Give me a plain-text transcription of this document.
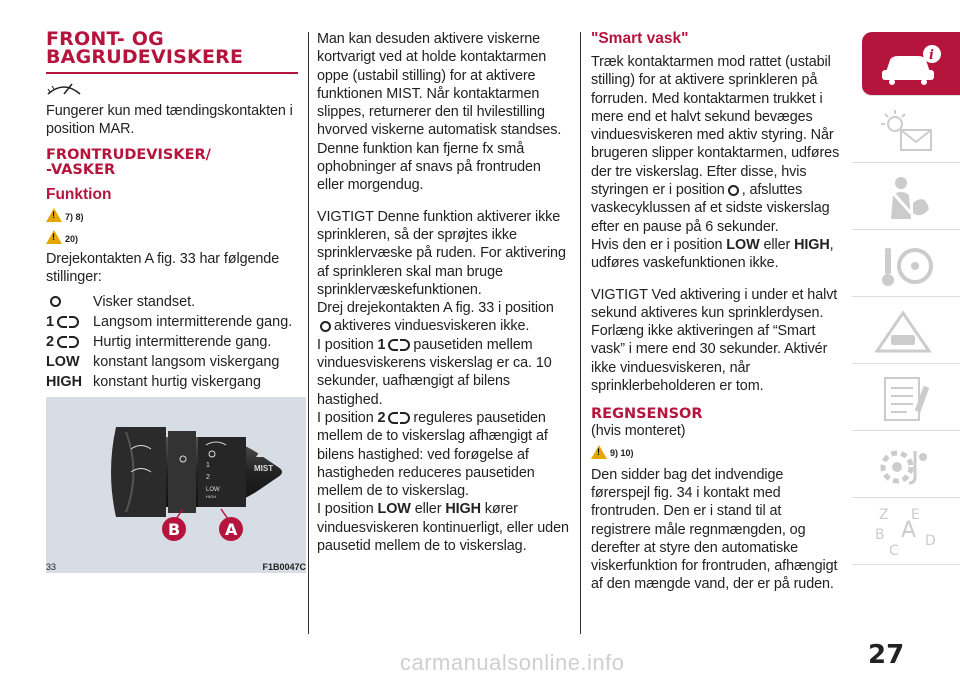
FRONT- OG
BAGRUDEVISKERE
Fungerer kun med tændingskontakten i position MAR.
FRONTRUDEVISKER/
-VASKER
Funktion
!
7) 8)
!
20)
Drejekontakten A fig. 33 har følgende stillinger:
Visker standset.
1	Langsom intermitterende gang.
2	Hurtig intermitterende gang.
LOW konstant langsom viskergang
HIGH konstant hurtig viskergang
MIST
1
2
LOW
HIGH
B	A
33	F1B0047C
Man kan desuden aktivere viskerne kortvarigt ved at holde kontaktarmen oppe (ustabil stilling) for at aktivere funktionen MIST. Når kontaktarmen slippes, returnerer den til hvilestilling hvorved viskerne automatisk standses. Denne funktion kan fjerne fx små ophobninger af snavs på frontruden eller morgendug.
VIGTIGT Denne funktion aktiverer ikke sprinkleren, så der sprøjtes ikke sprinklervæske på ruden. For aktivering af sprinkleren skal man bruge sprinklervæskefunktionen.
Drej drejekontakten A fig. 33 i position
aktiveres vinduesviskeren ikke.
I position 1 pausetiden mellem vinduesviskerens viskerslag er ca. 10 sekunder, uafhængigt af bilens hastighed.
I position 2 reguleres pausetiden mellem de to viskerslag afhængigt af bilens hastighed: ved forøgelse af hastigheden reduceres pausetiden mellem de to viskerslag.
I position LOW eller HIGH kører vinduesviskeren kontinuerligt, eller uden pausetid mellem de to viskerslag.
"Smart vask"
Træk kontaktarmen mod rattet (ustabil stilling) for at aktivere sprinkleren på forruden. Med kontaktarmen trukket i mere end et halvt sekund bevæges vinduesviskeren med aktiv styring. Når brugeren slipper kontaktarmen, udføres der tre viskerslag. Efter disse, hvis styringen er i position , afsluttes vaskecyklussen af et sidste viskerslag efter en pause på 6 sekunder.
Hvis den er i position LOW eller HIGH, udføres vaskefunktionen ikke.
VIGTIGT Ved aktivering i under et halvt sekund aktiveres kun sprinklerdysen. Forlæng ikke aktiveringen af “Smart vask” i mere end 30 sekunder. Aktivér ikke vinduesviskeren, når sprinklerbeholderen er tom.
REGNSENSOR
(hvis monteret)
!
9) 10)
Den sidder bag det indvendige førerspejl fig. 34 i kontakt med frontruden. Den er i stand til at registrere måle regnmængden, og derefter at styre den automatiske viskerfunktion for frontruden, afhængigt af den mængde vand, der er på ruden.
i
Z E
B A D
C
27
carmanualsonline.info
